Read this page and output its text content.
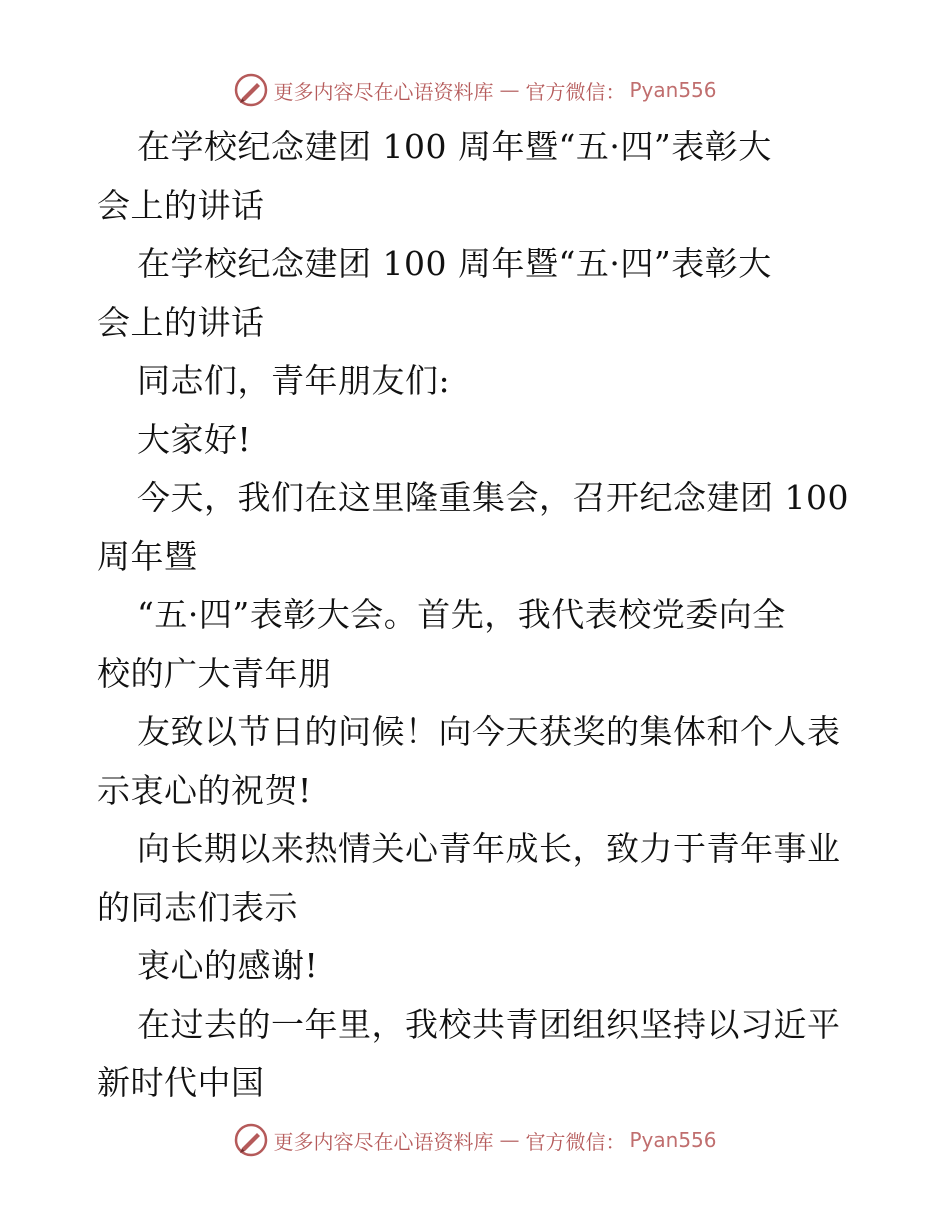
更多内容尽在心语资料库 — 官方微信： Pyan556
在学校纪念建团 100 周年暨“五·四”表彰大
会上的讲话
在学校纪念建团 100 周年暨“五·四”表彰大
会上的讲话
同志们，青年朋友们:
大家好!
今天，我们在这里隆重集会，召开纪念建团 100
周年暨
“五·四”表彰大会。首先，我代表校党委向全
校的广大青年朋
友致以节日的问候！向今天获奖的集体和个人表
示衷心的祝贺!
向长期以来热情关心青年成长，致力于青年事业
的同志们表示
衷心的感谢!
在过去的一年里，我校共青团组织坚持以习近平
新时代中国
更多内容尽在心语资料库 — 官方微信： Pyan556
